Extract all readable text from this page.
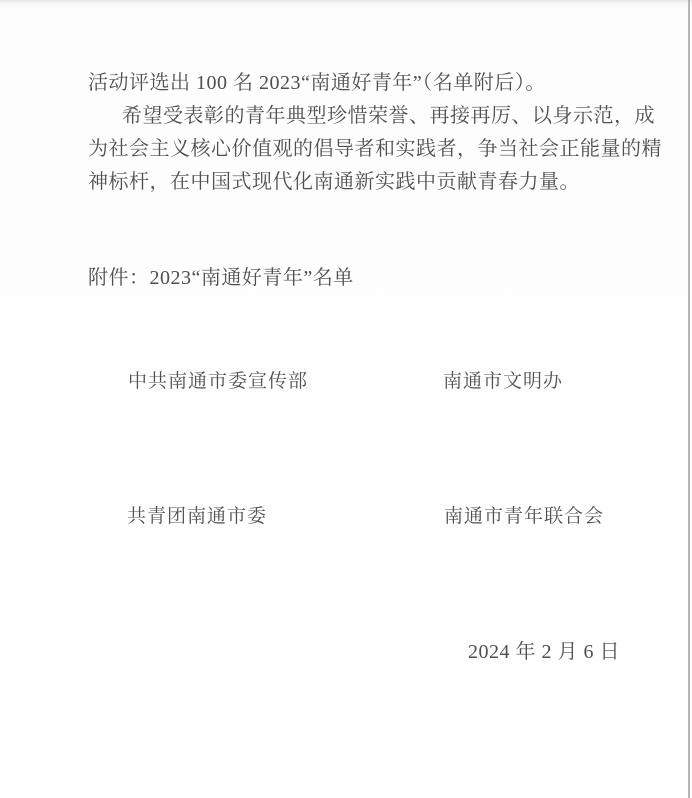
活动评选出 100 名 2023“南通好青年”（名单附后）。
希望受表彰的青年典型珍惜荣誉、再接再厉、以身示范，成
为社会主义核心价值观的倡导者和实践者，争当社会正能量的精
神标杆，在中国式现代化南通新实践中贡献青春力量。
附件：2023“南通好青年”名单
中共南通市委宣传部	南通市文明办
共青团南通市委	南通市青年联合会
2024 年 2 月 6 日
